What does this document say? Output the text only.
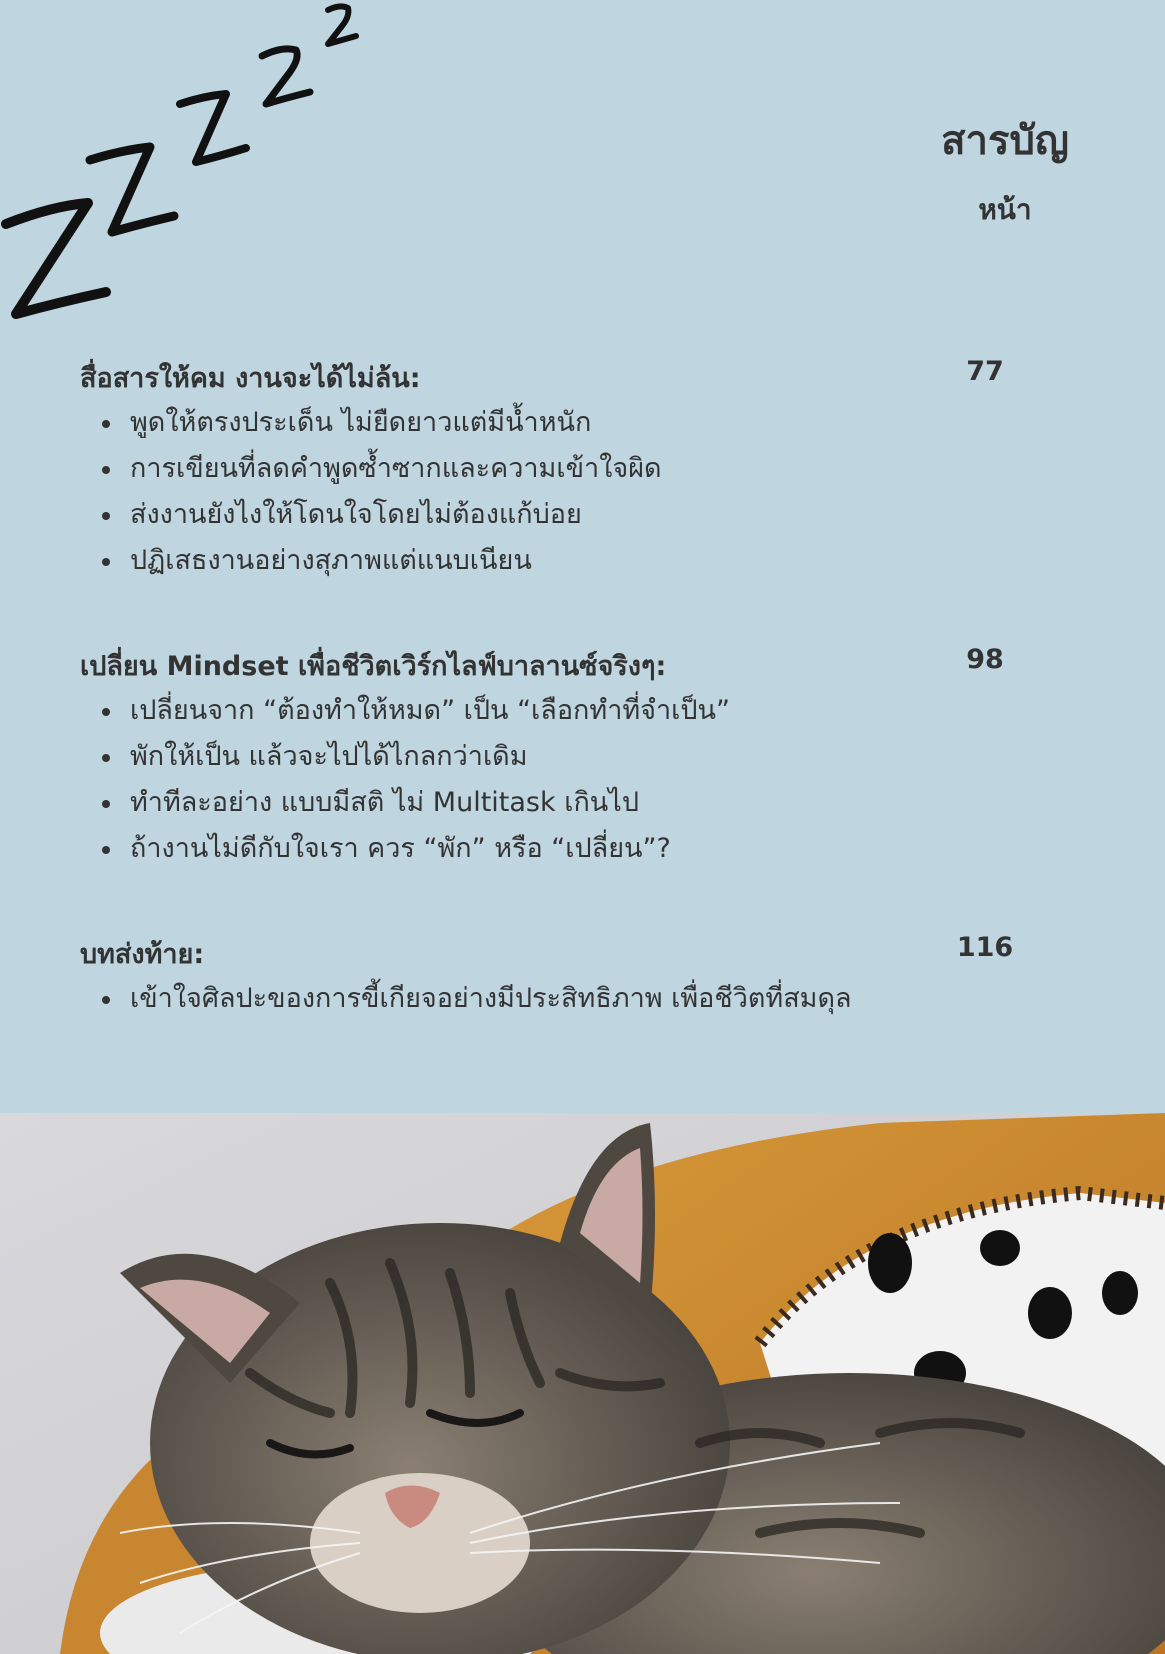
สารบัญ
หน้า
สื่อสารให้คม งานจะได้ไม่ล้น:	77
พูดให้ตรงประเด็น ไม่ยืดยาวแต่มีน้ำหนัก
การเขียนที่ลดคำพูดซ้ำซากและความเข้าใจผิด
ส่งงานยังไงให้โดนใจโดยไม่ต้องแก้บ่อย
ปฏิเสธงานอย่างสุภาพแต่แนบเนียน
เปลี่ยน Mindset เพื่อชีวิตเวิร์กไลฟ์บาลานซ์จริงๆ:	98
เปลี่ยนจาก “ต้องทำให้หมด” เป็น “เลือกทำที่จำเป็น”
พักให้เป็น แล้วจะไปได้ไกลกว่าเดิม
ทำทีละอย่าง แบบมีสติ ไม่ Multitask เกินไป
ถ้างานไม่ดีกับใจเรา ควร “พัก” หรือ “เปลี่ยน”?
บทส่งท้าย:	116
เข้าใจศิลปะของการขี้เกียจอย่างมีประสิทธิภาพ เพื่อชีวิตที่สมดุล
